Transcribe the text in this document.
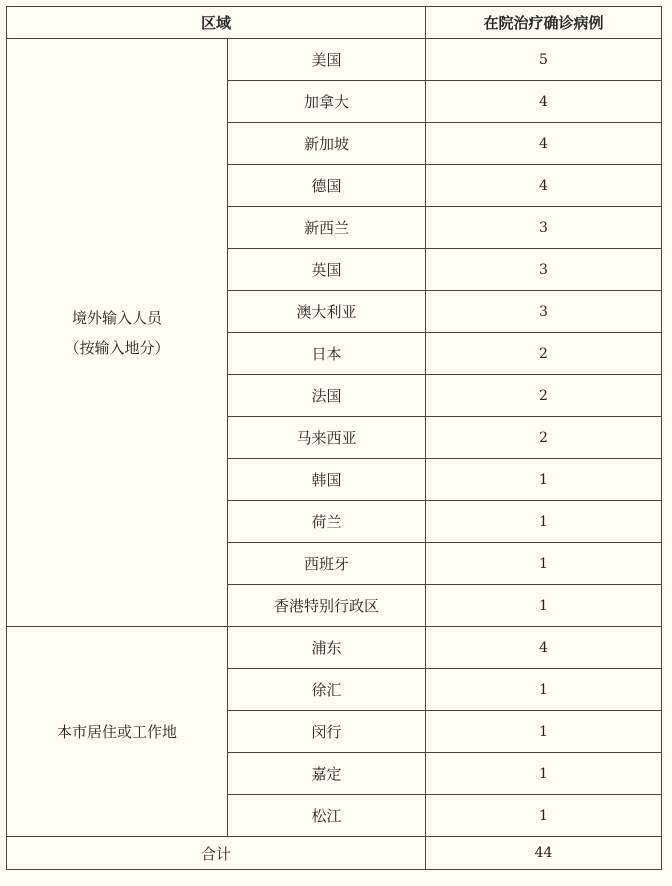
区域		在院治疗确诊病例

境外输入人员
（按输入地分）	美国	5
	加拿大	4
	新加坡	4
	德国	4
	新西兰	3
	英国	3
	澳大利亚	3
	日本	2
	法国	2
	马来西亚	2
	韩国	1
	荷兰	1
	西班牙	1
	香港特别行政区	1

本市居住或工作地	浦东	4
	徐汇	1
	闵行	1
	嘉定	1
	松江	1
合计		44
